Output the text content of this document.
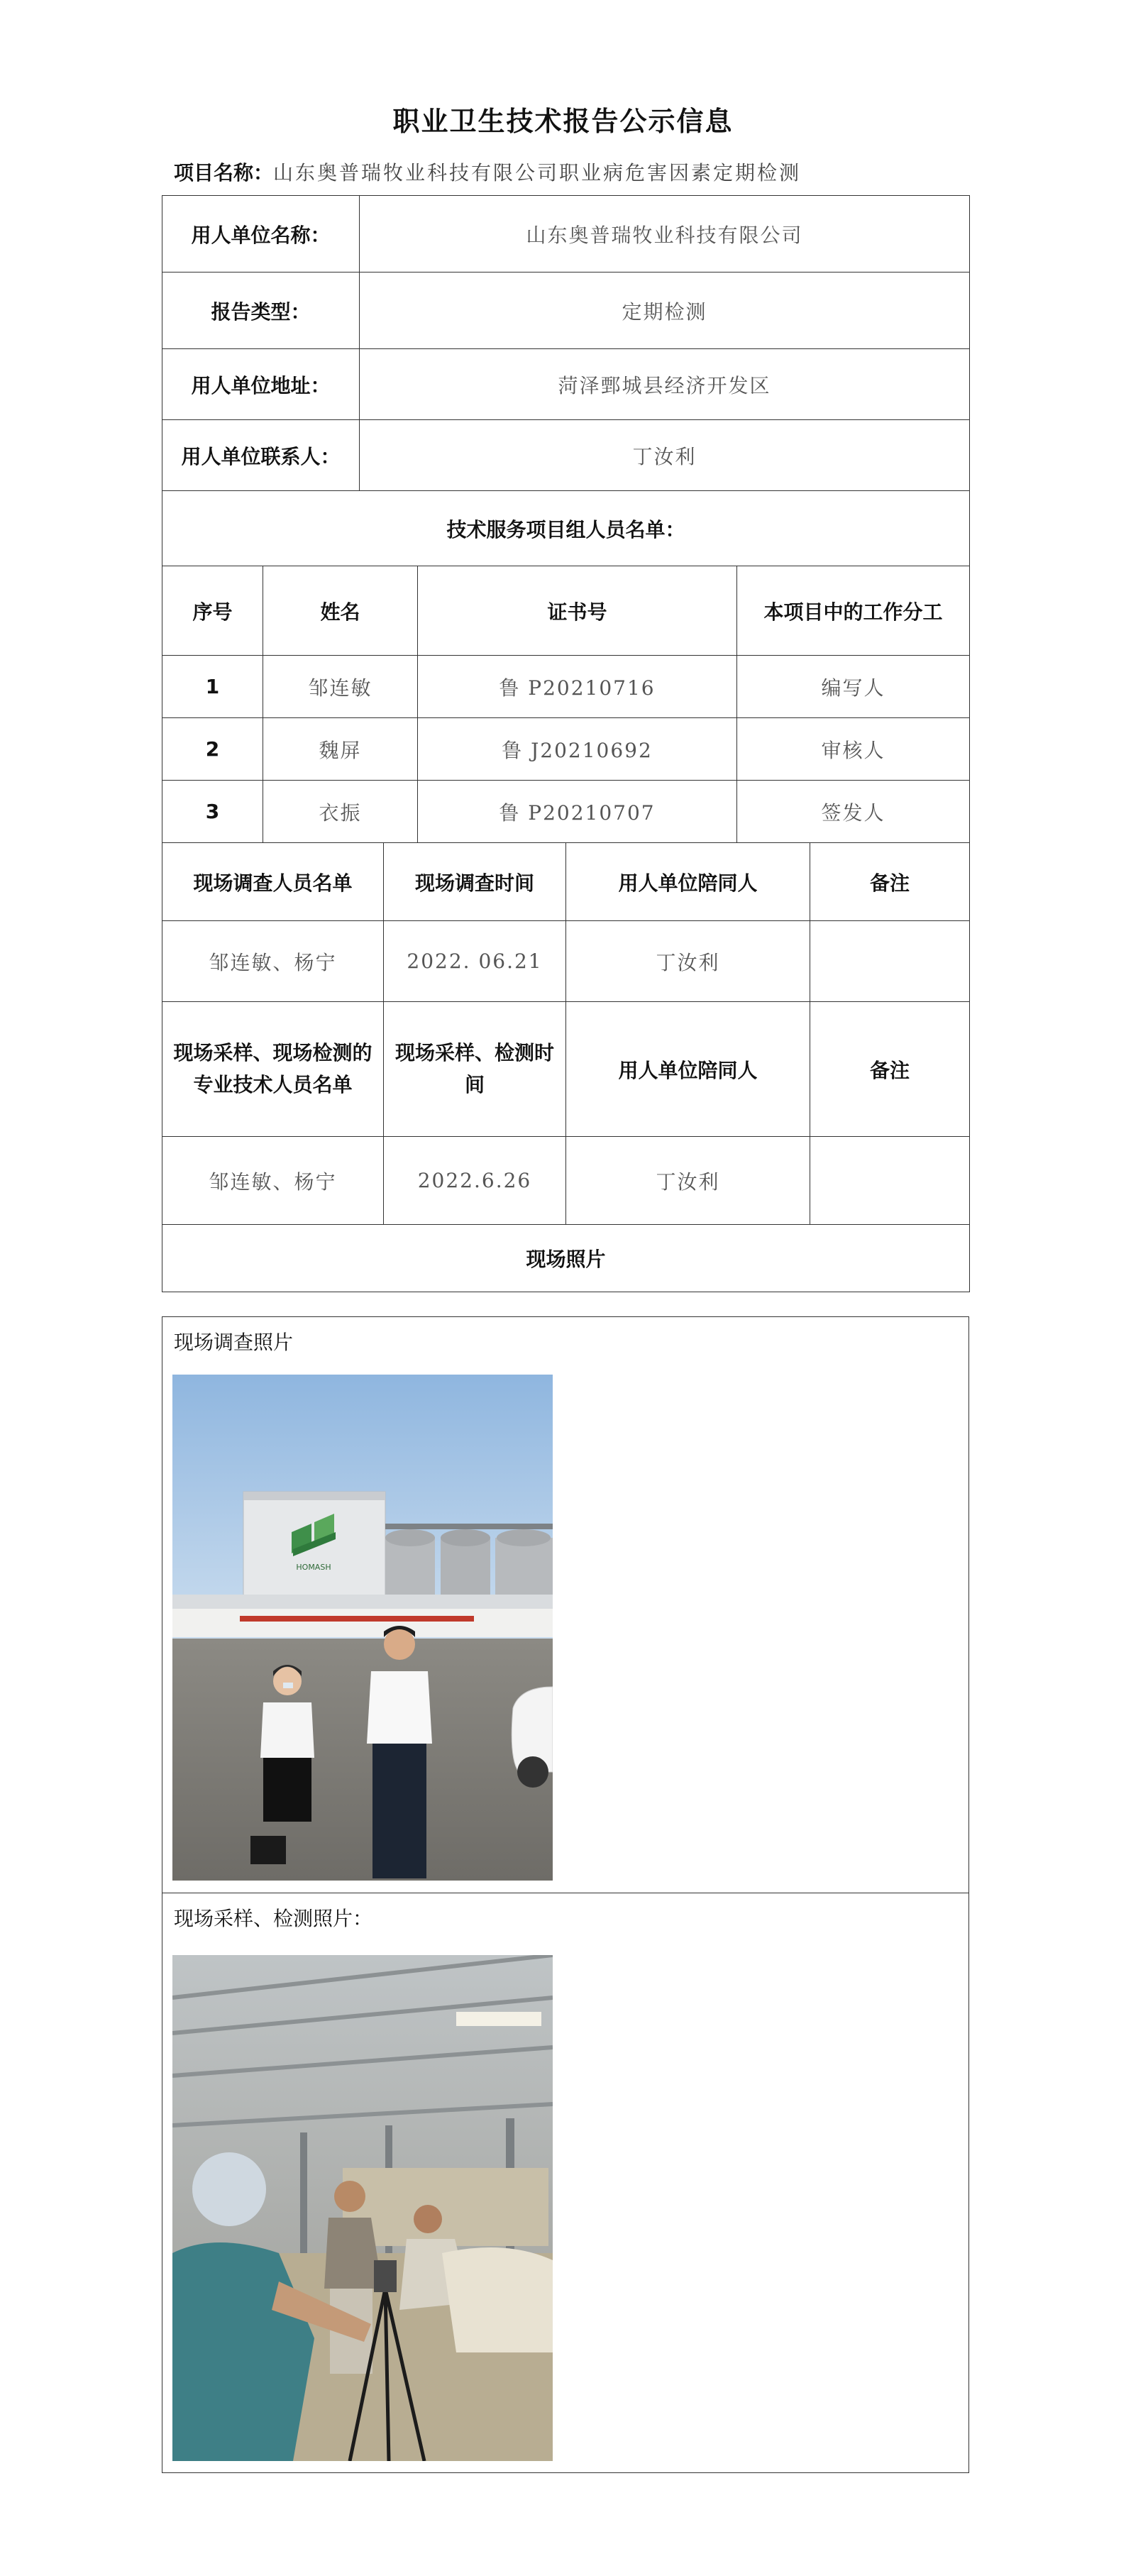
职业卫生技术报告公示信息
项目名称：山东奥普瑞牧业科技有限公司职业病危害因素定期检测
用人单位名称：	山东奥普瑞牧业科技有限公司
报告类型：	定期检测
用人单位地址：	菏泽鄄城县经济开发区
用人单位联系人：	丁汝利
技术服务项目组人员名单：	
序号	姓名	证书号	本项目中的工作分工
1	邹连敏	鲁 P20210716	编写人
2	魏屏	鲁 J20210692	审核人
3	衣振	鲁 P20210707	签发人
现场调查人员名单	现场调查时间	用人单位陪同人	备注
邹连敏、杨宁	2022. 06.21	丁汝利	
现场采样、现场检测的专业技术人员名单	现场采样、检测时间	用人单位陪同人	备注
邹连敏、杨宁	2022.6.26	丁汝利	
现场照片			
现场调查照片
HOMASH
现场采样、检测照片：
